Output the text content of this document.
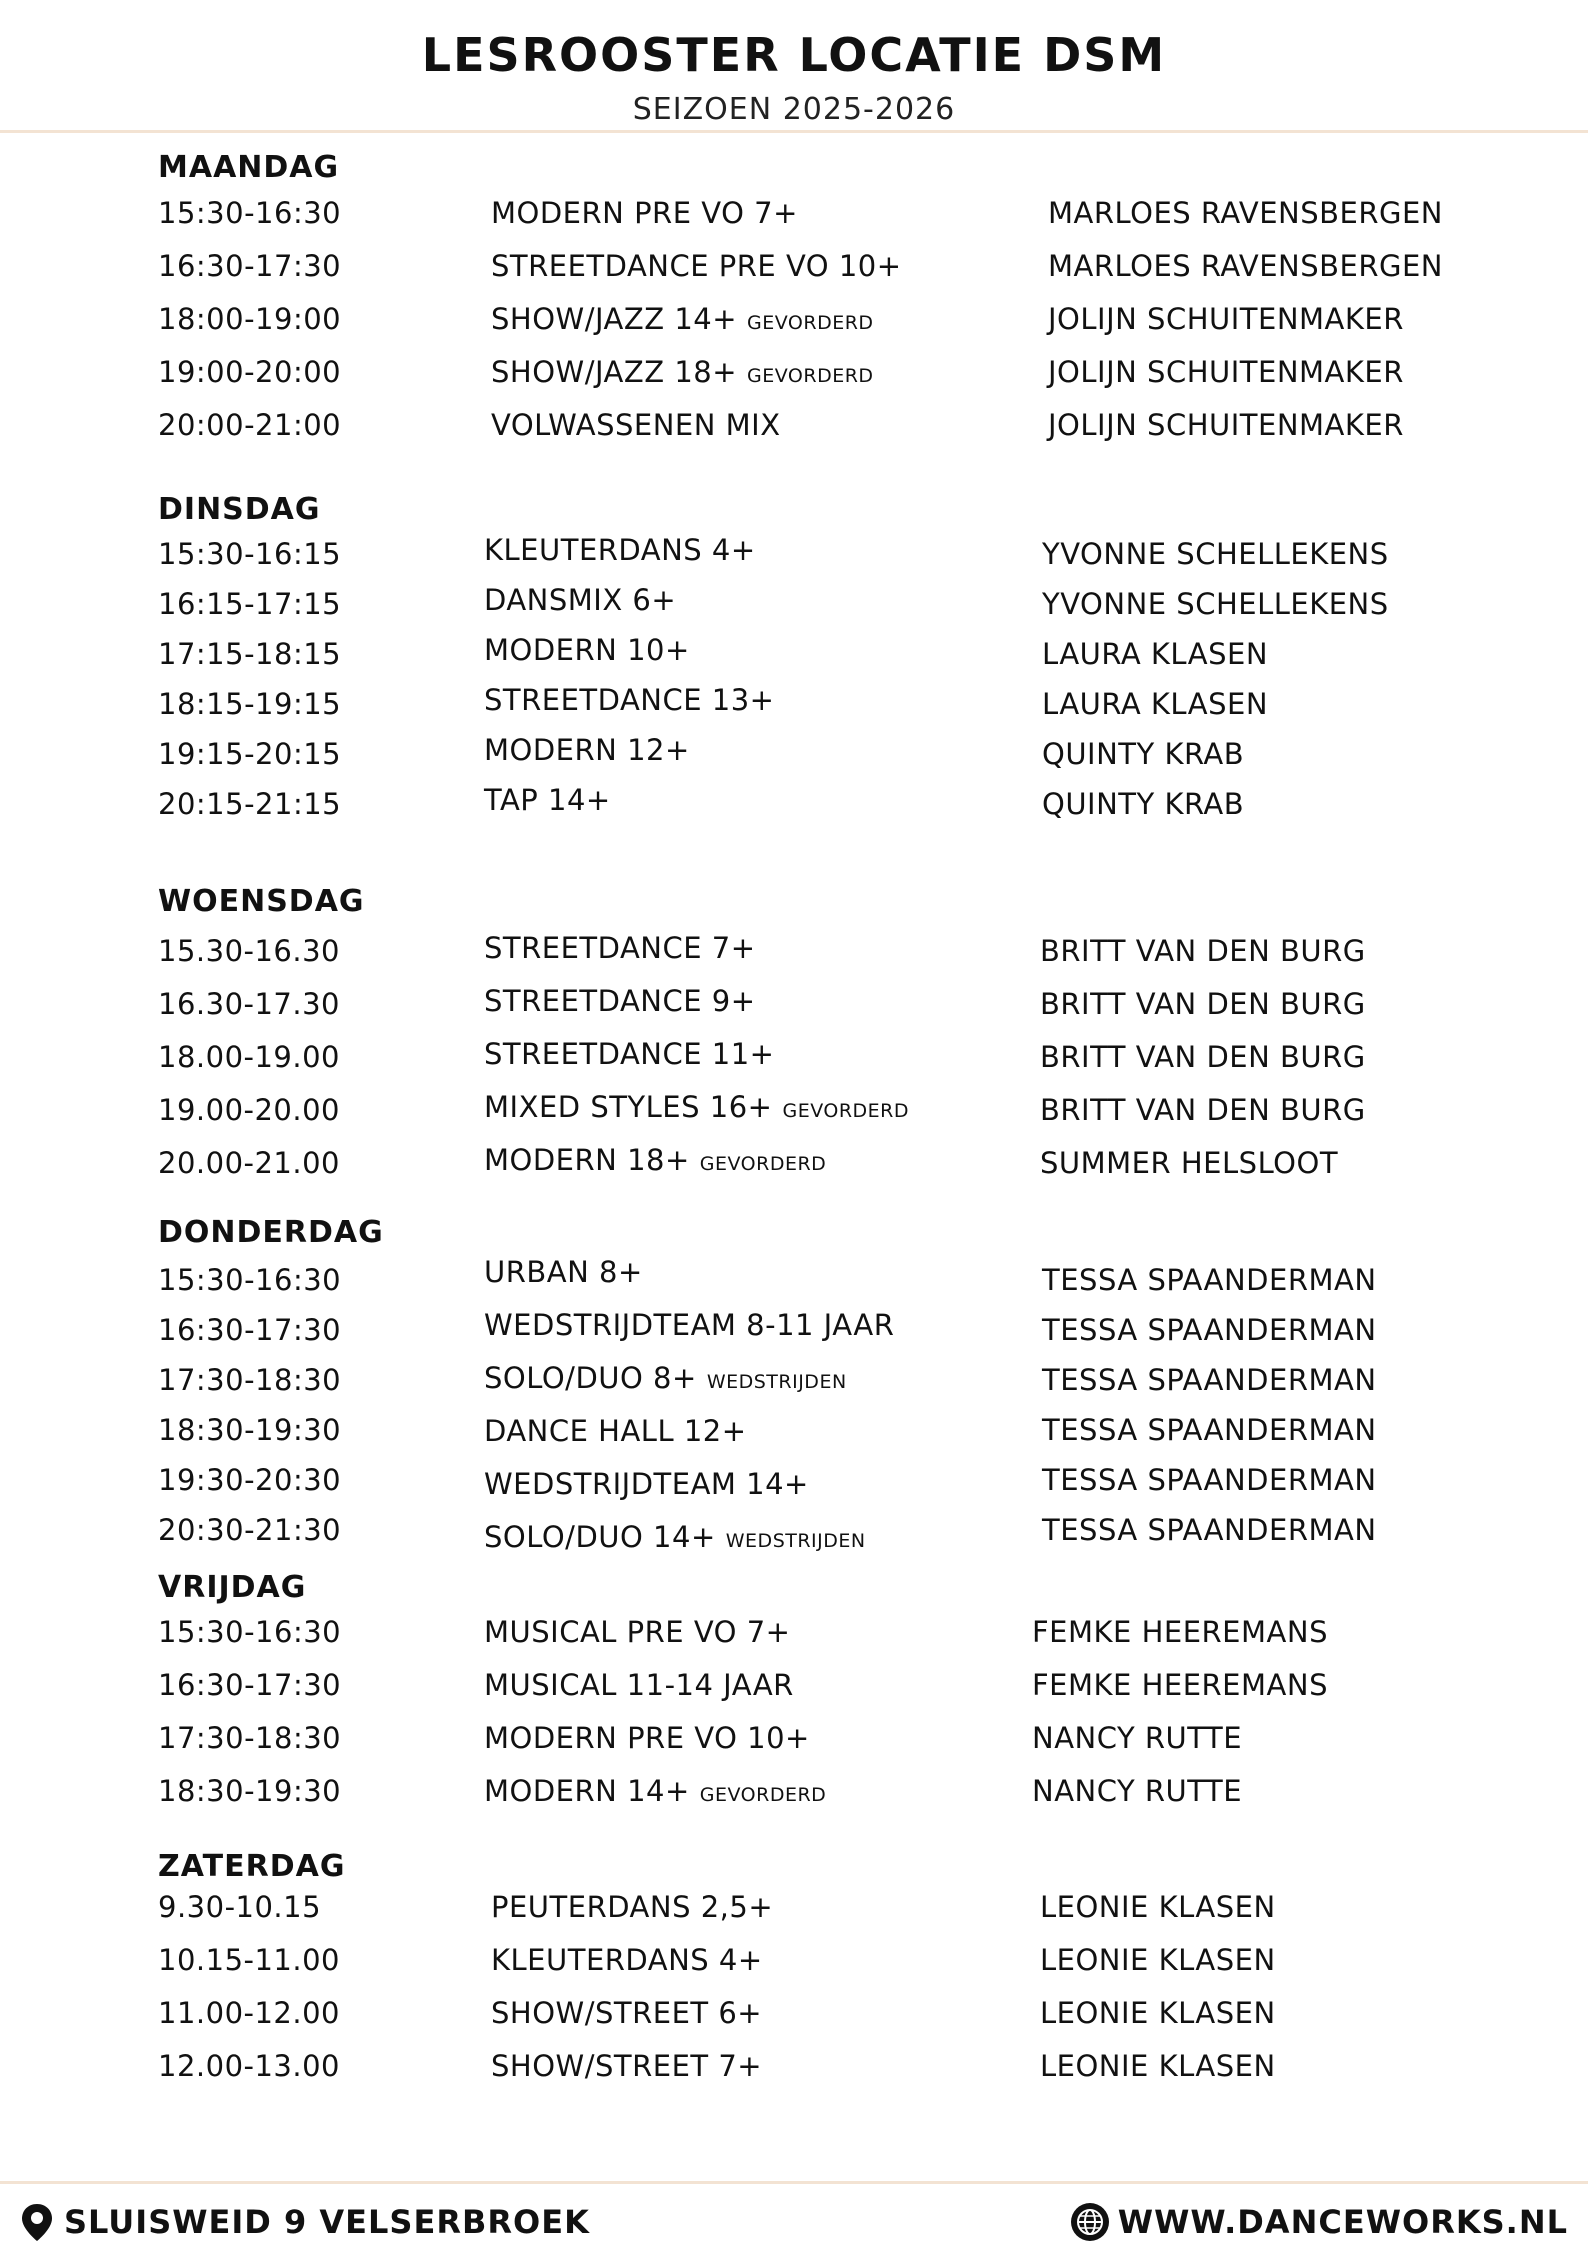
LESROOSTER LOCATIE DSM
SEIZOEN 2025-2026
MAANDAG
15:30-16:30	MODERN PRE VO 7+	MARLOES RAVENSBERGEN
16:30-17:30	STREETDANCE PRE VO 10+	MARLOES RAVENSBERGEN
18:00-19:00	SHOW/JAZZ 14+ GEVORDERD	JOLIJN SCHUITENMAKER
19:00-20:00	SHOW/JAZZ 18+ GEVORDERD	JOLIJN SCHUITENMAKER
20:00-21:00	VOLWASSENEN MIX	JOLIJN SCHUITENMAKER
DINSDAG
15:30-16:15	KLEUTERDANS 4+	YVONNE SCHELLEKENS
16:15-17:15	DANSMIX 6+	YVONNE SCHELLEKENS
17:15-18:15	MODERN 10+	LAURA KLASEN
18:15-19:15	STREETDANCE 13+	LAURA KLASEN
19:15-20:15	MODERN 12+	QUINTY KRAB
20:15-21:15	TAP 14+	QUINTY KRAB
WOENSDAG
15.30-16.30	STREETDANCE 7+	BRITT VAN DEN BURG
16.30-17.30	STREETDANCE 9+	BRITT VAN DEN BURG
18.00-19.00	STREETDANCE 11+	BRITT VAN DEN BURG
19.00-20.00	MIXED STYLES 16+ GEVORDERD	BRITT VAN DEN BURG
20.00-21.00	MODERN 18+ GEVORDERD	SUMMER HELSLOOT
DONDERDAG
15:30-16:30	URBAN 8+	TESSA SPAANDERMAN
16:30-17:30	WEDSTRIJDTEAM 8-11 JAAR	TESSA SPAANDERMAN
17:30-18:30	SOLO/DUO 8+ WEDSTRIJDEN	TESSA SPAANDERMAN
18:30-19:30	DANCE HALL 12+	TESSA SPAANDERMAN
19:30-20:30	WEDSTRIJDTEAM 14+	TESSA SPAANDERMAN
20:30-21:30	SOLO/DUO 14+ WEDSTRIJDEN	TESSA SPAANDERMAN
VRIJDAG
15:30-16:30	MUSICAL PRE VO 7+	FEMKE HEEREMANS
16:30-17:30	MUSICAL 11-14 JAAR	FEMKE HEEREMANS
17:30-18:30	MODERN PRE VO 10+	NANCY RUTTE
18:30-19:30	MODERN 14+ GEVORDERD	NANCY RUTTE
ZATERDAG
9.30-10.15	PEUTERDANS 2,5+	LEONIE KLASEN
10.15-11.00	KLEUTERDANS 4+	LEONIE KLASEN
11.00-12.00	SHOW/STREET 6+	LEONIE KLASEN
12.00-13.00	SHOW/STREET 7+	LEONIE KLASEN
SLUISWEID 9 VELSERBROEK	WWW.DANCEWORKS.NL
